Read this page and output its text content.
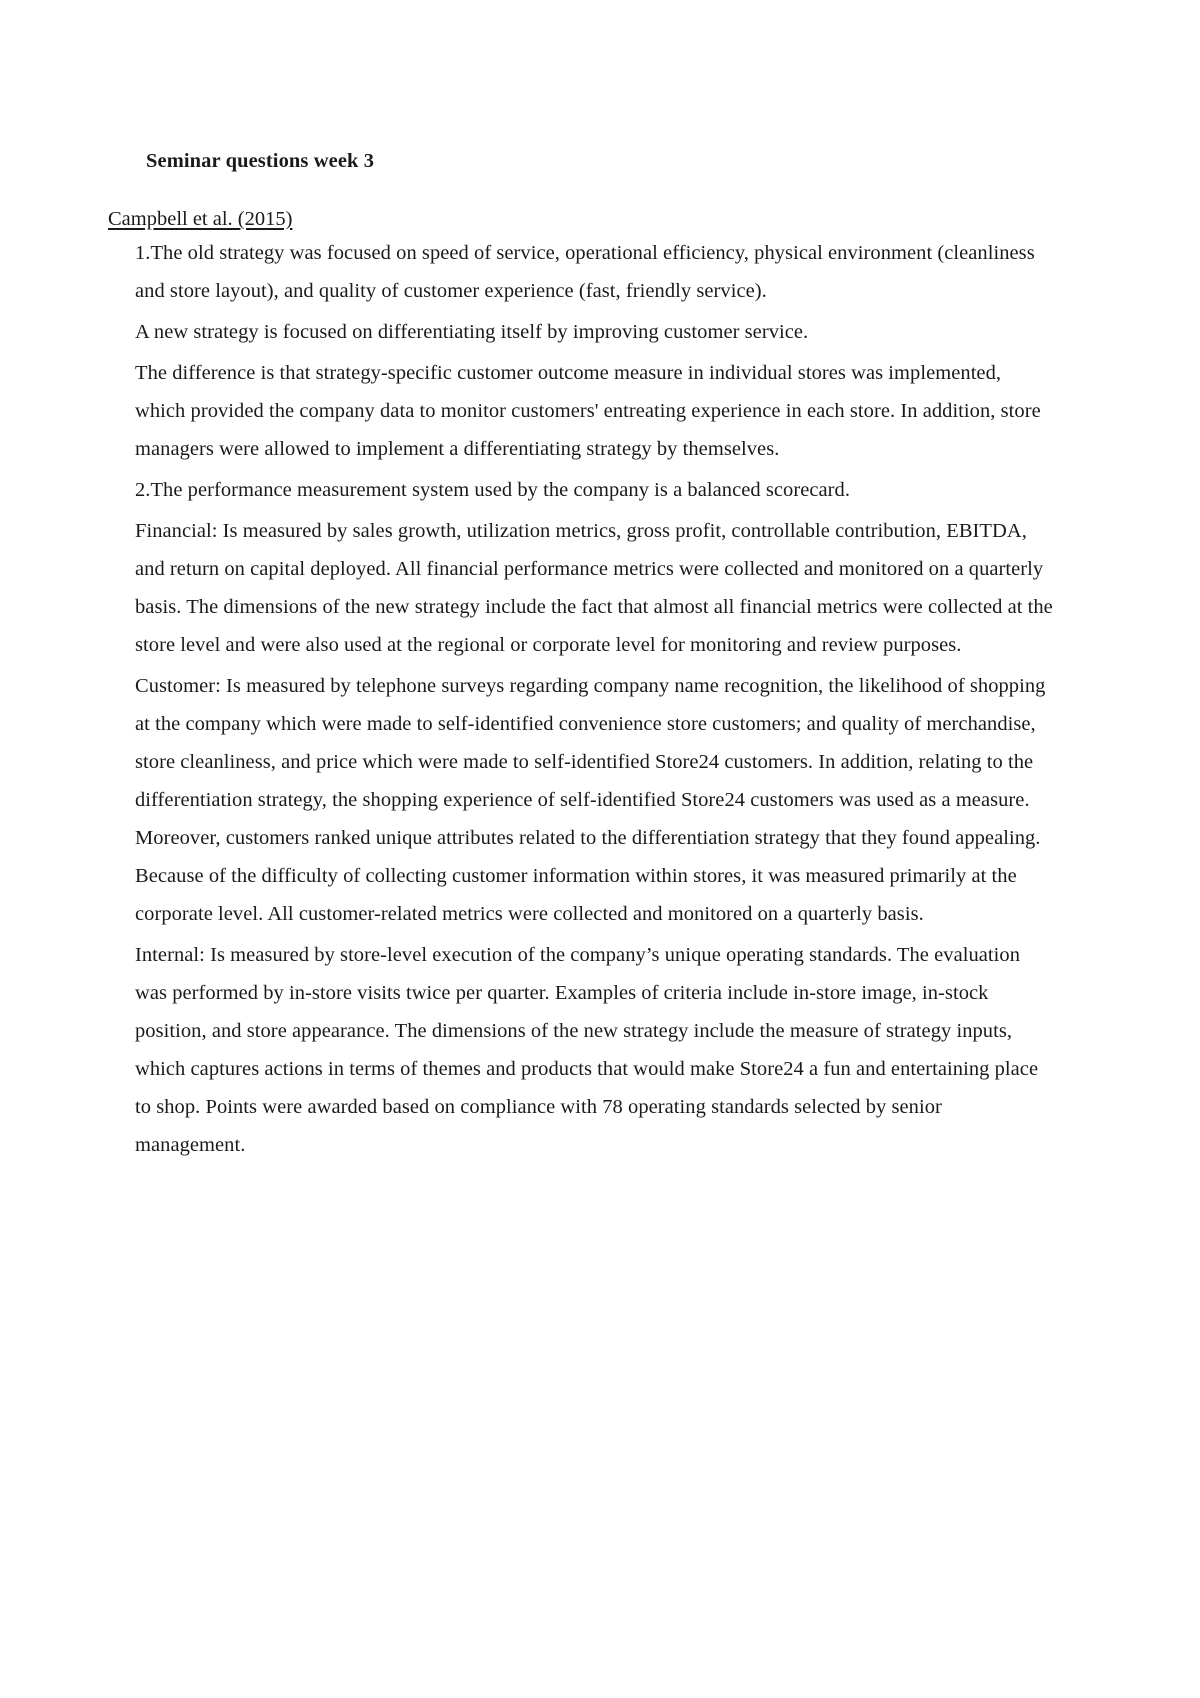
Seminar questions week 3
Campbell et al. (2015)

1.The old strategy was focused on speed of service, operational efficiency, physical environment (cleanliness and store layout), and quality of customer experience (fast, friendly service).

A new strategy is focused on differentiating itself by improving customer service.

The difference is that strategy-specific customer outcome measure in individual stores was implemented, which provided the company data to monitor customers' entreating experience in each store. In addition, store managers were allowed to implement a differentiating strategy by themselves.

2.The performance measurement system used by the company is a balanced scorecard.

Financial: Is measured by sales growth, utilization metrics, gross profit, controllable contribution, EBITDA, and return on capital deployed. All financial performance metrics were collected and monitored on a quarterly basis. The dimensions of the new strategy include the fact that almost all financial metrics were collected at the store level and were also used at the regional or corporate level for monitoring and review purposes.

Customer: Is measured by telephone surveys regarding company name recognition, the likelihood of shopping at the company which were made to self-identified convenience store customers; and quality of merchandise, store cleanliness, and price which were made to self-identified Store24 customers. In addition, relating to the differentiation strategy, the shopping experience of self-identified Store24 customers was used as a measure. Moreover, customers ranked unique attributes related to the differentiation strategy that they found appealing. Because of the difficulty of collecting customer information within stores, it was measured primarily at the corporate level. All customer-related metrics were collected and monitored on a quarterly basis.

Internal: Is measured by store-level execution of the company’s unique operating standards. The evaluation was performed by in-store visits twice per quarter. Examples of criteria include in-store image, in-stock position, and store appearance. The dimensions of the new strategy include the measure of strategy inputs, which captures actions in terms of themes and products that would make Store24 a fun and entertaining place to shop. Points were awarded based on compliance with 78 operating standards selected by senior management.
